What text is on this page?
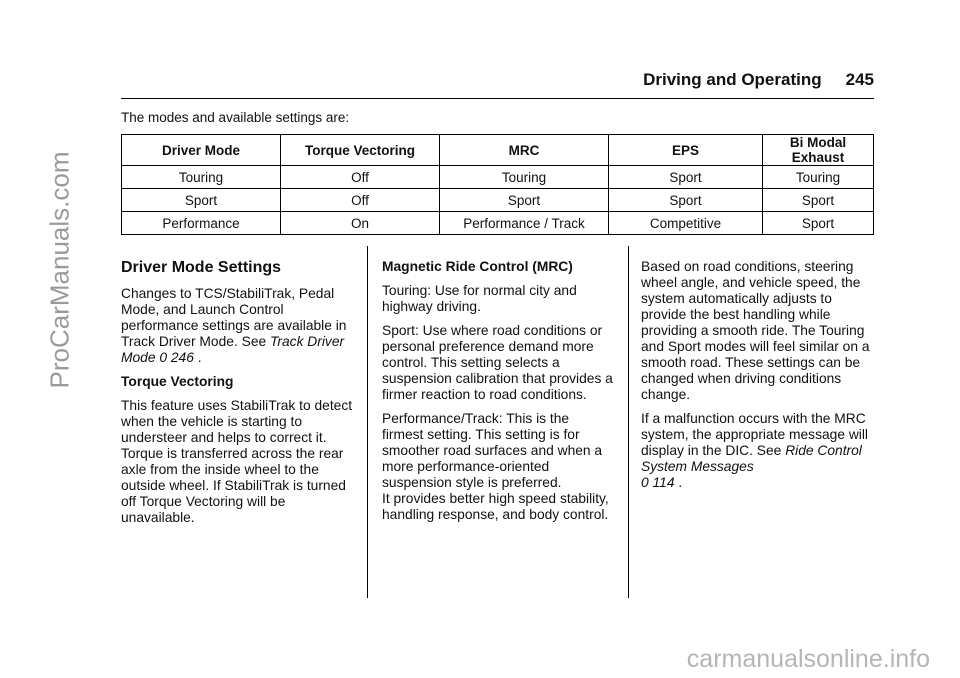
ProCarManuals.com
Driving and Operating 245
The modes and available settings are:
Driver Mode	Torque Vectoring	MRC	EPS	Bi Modal Exhaust
Touring	Off	Touring	Sport	Touring
Sport	Off	Sport	Sport	Sport
Performance	On	Performance / Track	Competitive	Sport
Driver Mode Settings

Changes to TCS/StabiliTrak, Pedal Mode, and Launch Control performance settings are available in Track Driver Mode. See Track Driver Mode 0 246 .

Torque Vectoring

This feature uses StabiliTrak to detect when the vehicle is starting to understeer and helps to correct it. Torque is transferred across the rear axle from the inside wheel to the outside wheel. If StabiliTrak is turned off Torque Vectoring will be unavailable.

Magnetic Ride Control (MRC)

Touring: Use for normal city and highway driving.

Sport: Use where road conditions or personal preference demand more control. This setting selects a suspension calibration that provides a firmer reaction to road conditions.

Performance/Track: This is the firmest setting. This setting is for smoother road surfaces and when a more performance-oriented suspension style is preferred.

It provides better high speed stability, handling response, and body control.

Based on road conditions, steering wheel angle, and vehicle speed, the system automatically adjusts to provide the best handling while providing a smooth ride. The Touring and Sport modes will feel similar on a smooth road. These settings can be changed when driving conditions change.

If a malfunction occurs with the MRC system, the appropriate message will display in the DIC. See Ride Control System Messages
0 114 .

carmanualsonline.info
